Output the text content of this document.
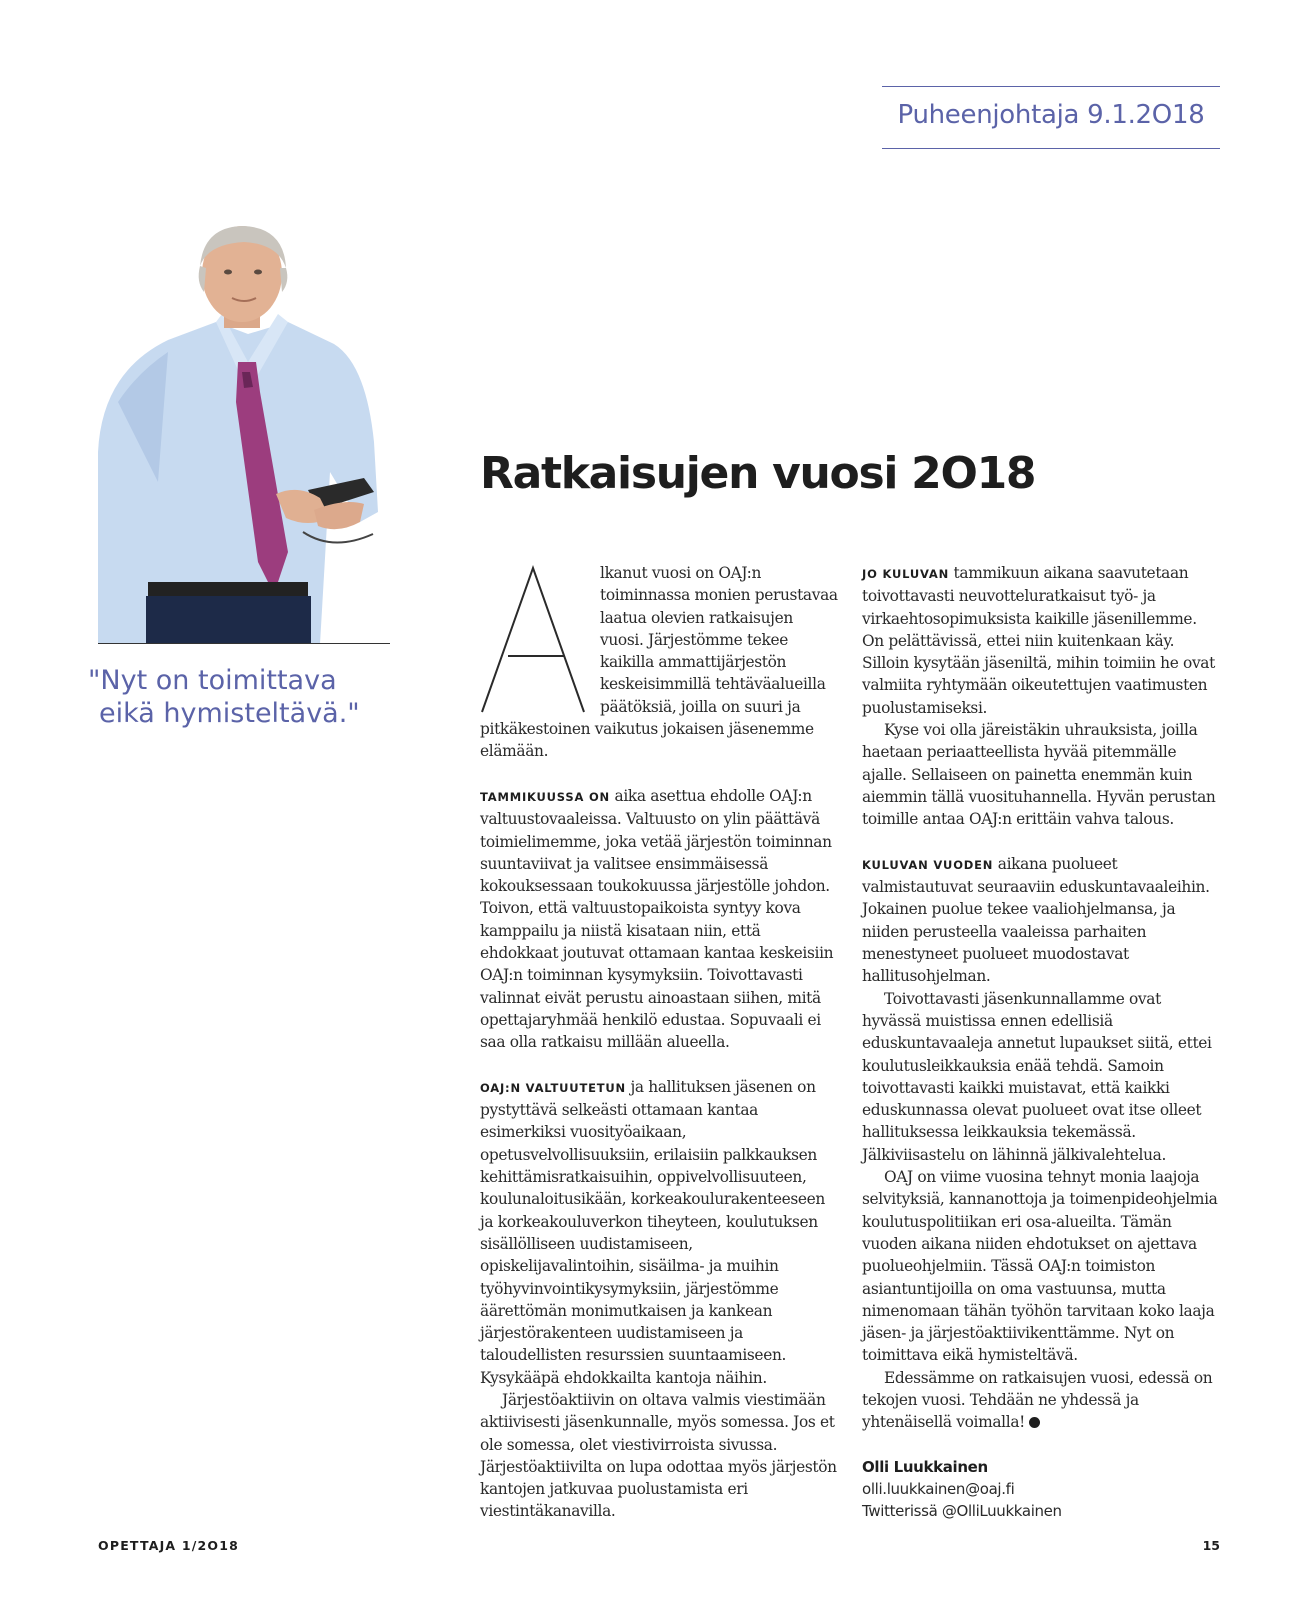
Puheenjohtaja 9.1.2O18
"Nyt on toimittava
eikä hymisteltävä."
Ratkaisujen vuosi 2O18

lkanut vuosi on OAJ:n toiminnassa monien perustavaa laatua olevien ratkaisujen vuosi. Järjestömme tekee kaikilla ammattijärjestön keskeisimmillä tehtäväalueilla päätöksiä, joilla on suuri ja pitkäkestoinen vaikutus jokaisen jäsenemme elämään.

TAMMIKUUSSA ON aika asettua ehdolle OAJ:n valtuustovaaleissa. Valtuusto on ylin päättävä toimielimemme, joka vetää järjestön toiminnan suuntaviivat ja valitsee ensimmäisessä kokouksessaan toukokuussa järjestölle johdon. Toivon, että valtuustopaikoista syntyy kova kamppailu ja niistä kisataan niin, että ehdokkaat joutuvat ottamaan kantaa keskeisiin OAJ:n toiminnan kysymyksiin. Toivottavasti valinnat eivät perustu ainoastaan siihen, mitä opettajaryhmää henkilö edustaa. Sopuvaali ei saa olla ratkaisu millään alueella.

OAJ:N VALTUUTETUN ja hallituksen jäsenen on pystyttävä selkeästi ottamaan kantaa esimerkiksi vuosityöaikaan, opetusvelvollisuuksiin, erilaisiin palkkauksen kehittämisratkaisuihin, oppivelvollisuuteen, koulunaloitusikään, korkeakoulurakenteeseen ja korkeakouluverkon tiheyteen, koulutuksen sisällölliseen uudistamiseen, opiskelijavalintoihin, sisäilma- ja muihin työhyvinvointikysymyksiin, järjestömme äärettömän monimutkaisen ja kankean järjestörakenteen uudistamiseen ja taloudellisten resurssien suuntaamiseen. Kysykääpä ehdokkailta kantoja näihin.

Järjestöaktiivin on oltava valmis viestimään aktiivisesti jäsenkunnalle, myös somessa. Jos et ole somessa, olet viestivirroista sivussa. Järjestöaktiivilta on lupa odottaa myös järjestön kantojen jatkuvaa puolustamista eri viestintäkanavilla.

JO KULUVAN tammikuun aikana saavutetaan toivottavasti neuvotteluratkaisut työ- ja virkaehtosopimuksista kaikille jäsenillemme. On pelättävissä, ettei niin kuitenkaan käy. Silloin kysytään jäseniltä, mihin toimiin he ovat valmiita ryhtymään oikeutettujen vaatimusten puolustamiseksi.

Kyse voi olla järeistäkin uhrauksista, joilla haetaan periaatteellista hyvää pitemmälle ajalle. Sellaiseen on painetta enemmän kuin aiemmin tällä vuosituhannella. Hyvän perustan toimille antaa OAJ:n erittäin vahva talous.

KULUVAN VUODEN aikana puolueet valmistautuvat seuraaviin eduskuntavaaleihin. Jokainen puolue tekee vaaliohjelmansa, ja niiden perusteella vaaleissa parhaiten menestyneet puolueet muodostavat hallitusohjelman.

Toivottavasti jäsenkunnallamme ovat hyvässä muistissa ennen edellisiä eduskuntavaaleja annetut lupaukset siitä, ettei koulutusleikkauksia enää tehdä. Samoin toivottavasti kaikki muistavat, että kaikki eduskunnassa olevat puolueet ovat itse olleet hallituksessa leikkauksia tekemässä. Jälkiviisastelu on lähinnä jälkivalehtelua.

OAJ on viime vuosina tehnyt monia laajoja selvityksiä, kannanottoja ja toimenpideohjelmia koulutuspolitiikan eri osa-alueilta. Tämän vuoden aikana niiden ehdotukset on ajettava puolueohjelmiin. Tässä OAJ:n toimiston asiantuntijoilla on oma vastuunsa, mutta nimenomaan tähän työhön tarvitaan koko laaja jäsen- ja järjestöaktiivikenttämme. Nyt on toimittava eikä hymisteltävä.

Edessämme on ratkaisujen vuosi, edessä on tekojen vuosi. Tehdään ne yhdessä ja yhtenäisellä voimalla!

Olli Luukkainen

olli.luukkainen@oaj.fi

Twitterissä @OlliLuukkainen

OPETTAJA 1/2O18	15
